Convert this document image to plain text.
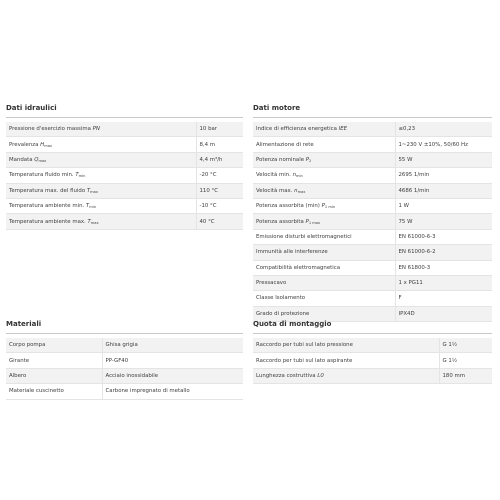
Dati idraulici
Pressione d'esercizio massima PN	10 bar
Prevalenza $H_{max}$	8,4 m
Mandata $Q_{max}$	4,4 m³/h
Temperatura fluido min. $T_{min}$	-20 °C
Temperatura max. del fluido $T_{max}$	110 °C
Temperatura ambiente min. $T_{min}$	-10 °C
Temperatura ambiente max. $T_{max}$	40 °C
Dati motore
Indice di efficienza energetica IEE	≤0,23
Alimentazione di rete	1~230 V ±10%, 50/60 Hz
Potenza nominale $P_2$	55 W
Velocità min. $n_{min}$	2695 1/min
Velocità max. $n_{max}$	4686 1/min
Potenza assorbita (min) $P_{1 min}$	1 W
Potenza assorbita $P_{1 max}$	75 W
Emissione disturbi elettromagnetici	EN 61000-6-3
Immunità alle interferenze	EN 61000-6-2
Compatibilità elettromagnetica	EN 61800-3
Pressacavo	1 x PG11
Classe Isolamento	F
Grado di protezione	IPX4D
Materiali
Corpo pompa	Ghisa grigia
Girante	PP-GF40
Albero	Acciaio inossidabile
Materiale cuscinetto	Carbone impregnato di metallo
Quota di montaggio
Raccordo per tubi sul lato pressione	G 1½
Raccordo per tubi sul lato aspirante	G 1½
Lunghezza costruttiva L0	180 mm
